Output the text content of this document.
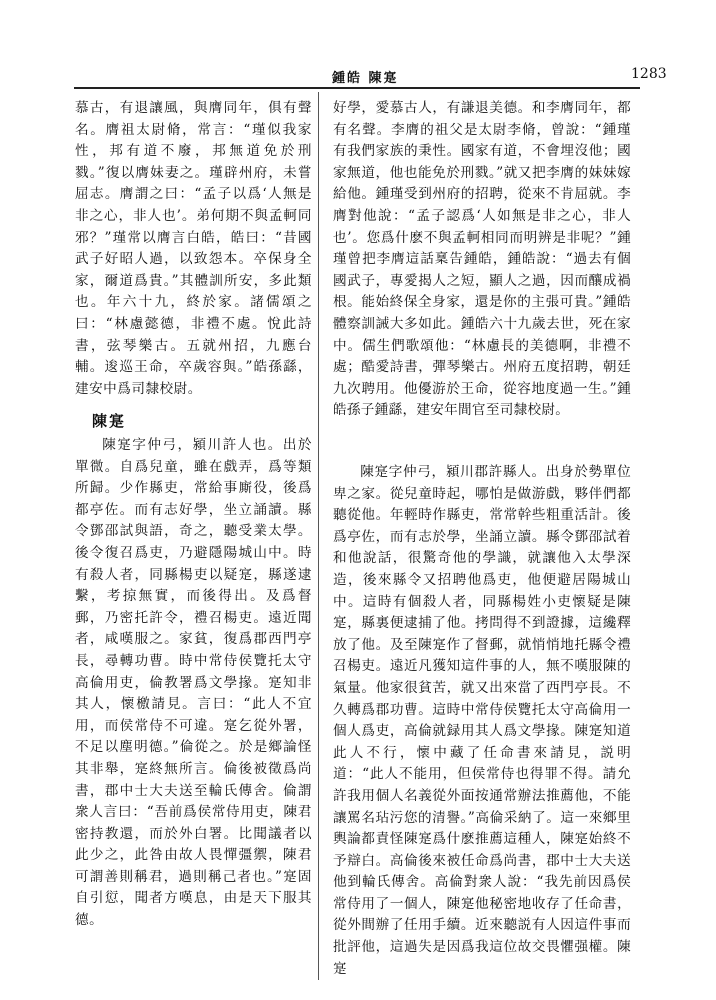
鍾皓 陳寔	1283

慕古，有退讓風，與膺同年，俱有聲名。膺祖太尉脩，常言：“瑾似我家性，邦有道不廢，邦無道免於刑戮。”復以膺妹妻之。瑾辟州府，未嘗屈志。膺謂之曰：“孟子以爲‘人無是非之心，非人也’。弟何期不與孟軻同邪？”瑾常以膺言白皓，皓曰：“昔國武子好昭人過，以致怨本。卒保身全家，爾道爲貴。”其體訓所安，多此類也。年六十九，終於家。諸儒頌之曰：“林慮懿德，非禮不處。悅此詩書，弦琴樂古。五就州招，九應台輔。逡巡王命，卒歲容與。”皓孫繇，建安中爲司隸校尉。

陳寔

陳寔字仲弓，潁川許人也。出於單微。自爲兒童，雖在戲弄，爲等類所歸。少作縣吏，常給事廝役，後爲都亭佐。而有志好學，坐立誦讀。縣令鄧邵試與語，奇之，聽受業太學。後令復召爲吏，乃避隱陽城山中。時有殺人者，同縣楊吏以疑寔，縣遂逮繫，考掠無實，而後得出。及爲督郵，乃密托許令，禮召楊吏。遠近聞者，咸嘆服之。家貧，復爲郡西門亭長，尋轉功曹。時中常侍侯覽托太守高倫用吏，倫教署爲文學掾。寔知非其人，懷檄請見。言曰：“此人不宜用，而侯常侍不可違。寔乞從外署，不足以塵明德。”倫從之。於是鄉論怪其非舉，寔終無所言。倫後被徵爲尚書，郡中士大夫送至輪氏傳舍。倫謂衆人言曰：“吾前爲侯常侍用吏，陳君密持教還，而於外白署。比聞議者以此少之，此咎由故人畏憚彊禦，陳君可謂善則稱君，過則稱己者也。”寔固自引愆，聞者方嘆息，由是天下服其德。

好學，愛慕古人，有謙退美德。和李膺同年，都有名聲。李膺的祖父是太尉李脩，曾說：“鍾瑾有我們家族的秉性。國家有道，不會埋沒他；國家無道，他也能免於刑戮。”就又把李膺的妹妹嫁給他。鍾瑾受到州府的招聘，從來不肯屈就。李膺對他說：“孟子認爲‘人如無是非之心，非人也’。您爲什麽不與孟軻相同而明辨是非呢？”鍾瑾曾把李膺這話稟告鍾皓，鍾皓說：“過去有個國武子，專愛揭人之短，顯人之過，因而釀成禍根。能始終保全身家，還是你的主張可貴。”鍾皓體察訓誡大多如此。鍾皓六十九歲去世，死在家中。儒生們歌頌他：“林慮長的美德啊，非禮不處；酷愛詩書，彈琴樂古。州府五度招聘，朝廷九次聘用。他優游於王命，從容地度過一生。”鍾皓孫子鍾繇，建安年間官至司隸校尉。

陳寔字仲弓，潁川郡許縣人。出身於勢單位卑之家。從兒童時起，哪怕是做游戲，夥伴們都聽從他。年輕時作縣吏，常常幹些粗重活計。後爲亭佐，而有志於學，坐誦立讀。縣令鄧邵試着和他說話，很驚奇他的學識，就讓他入太學深造，後來縣令又招聘他爲吏，他便避居陽城山中。這時有個殺人者，同縣楊姓小吏懷疑是陳寔，縣裏便逮捕了他。拷問得不到證據，這纔釋放了他。及至陳寔作了督郵，就悄悄地托縣令禮召楊吏。遠近凡獲知這件事的人，無不嘆服陳的氣量。他家很貧苦，就又出來當了西門亭長。不久轉爲郡功曹。這時中常侍侯覽托太守高倫用一個人爲吏，高倫就録用其人爲文學掾。陳寔知道此人不行，懷中藏了任命書來請見，説明道：“此人不能用，但侯常侍也得罪不得。請允許我用個人名義從外面按通常辦法推薦他，不能讓罵名玷污您的清譽。”高倫采納了。這一來鄉里輿論都責怪陳寔爲什麽推薦這種人，陳寔始終不予辯白。高倫後來被任命爲尚書，郡中士大夫送他到輪氏傳舍。高倫對衆人說：“我先前因爲侯常侍用了一個人，陳寔他秘密地收存了任命書，從外間辦了任用手續。近來聽説有人因這件事而批評他，這過失是因爲我這位故交畏懼强權。陳寔
